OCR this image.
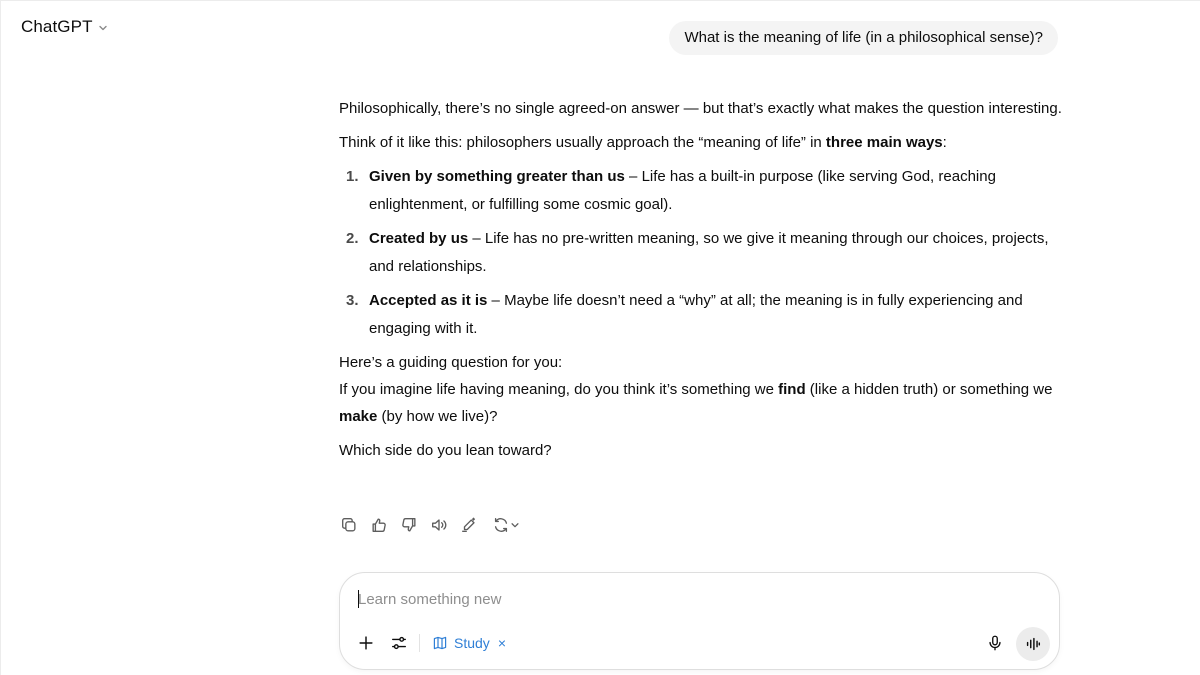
ChatGPT
What is the meaning of life (in a philosophical sense)?

Philosophically, there’s no single agreed-on answer — but that’s exactly what makes the question interesting.

Think of it like this: philosophers usually approach the “meaning of life” in three main ways:

1. Given by something greater than us – Life has a built-in purpose (like serving God, reaching enlightenment, or fulfilling some cosmic goal).
2. Created by us – Life has no pre-written meaning, so we give it meaning through our choices, projects, and relationships.
3. Accepted as it is – Maybe life doesn’t need a “why” at all; the meaning is in fully experiencing and engaging with it.

Here’s a guiding question for you:

If you imagine life having meaning, do you think it’s something we find (like a hidden truth) or something we make (by how we live)?

Which side do you lean toward?

Learn something new
Study ×
